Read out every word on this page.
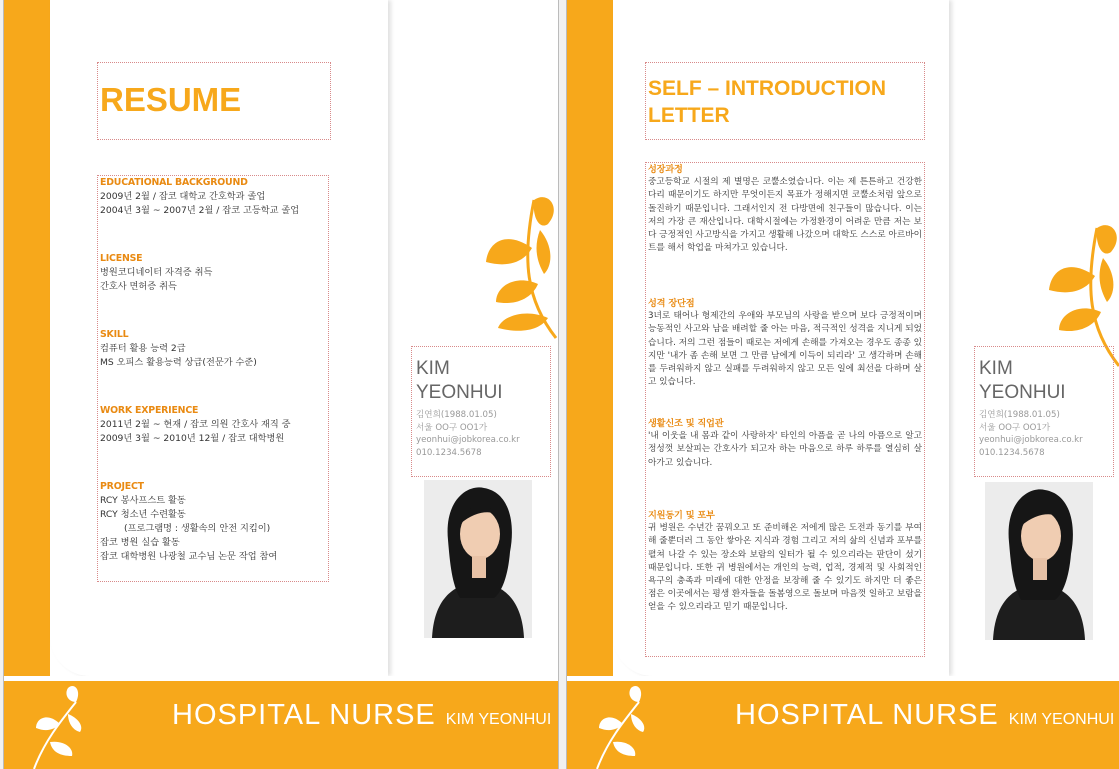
RESUME
EDUCATIONAL BACKGROUND
2009년 2월 / 잡코 대학교 간호학과 졸업
2004년 3월 ~ 2007년 2월 / 잡코 고등학교 졸업
LICENSE
병원코디네이터 자격증 취득
간호사 면허증 취득
SKILL
컴퓨터 활용 능력 2급
MS 오피스 활용능력 상급(전문가 수준)
WORK EXPERIENCE
2011년 2월 ~ 현재 / 잡코 의원 간호사 재직 중
2009년 3월 ~ 2010년 12월 / 잡코 대학병원
PROJECT
RCY 봉사프스트 활동
RCY 청소년 수련활동
(프로그램명 : 생활속의 안전 지킴이)
잡코 병원 실습 활동
잡코 대학병원 나광철 교수님 논문 작업 참여
KIM
YEONHUI
김연희(1988.01.05)
서울 OO구 OO1가
yeonhui@jobkorea.co.kr
010.1234.5678
HOSPITAL NURSE KIM YEONHUI
SELF – INTRODUCTION
LETTER
성장과정
중고등학교 시절의 제 별명은 코뿔소였습니다. 이는 제 튼튼하고 건강한 다리 때문이기도 하지만 무엇이든지 목표가 정해지면 코뿔소처럼 앞으로 돌진하기 때문입니다. 그래서인지 전 다방면에 친구들이 많습니다. 이는 저의 가장 큰 재산입니다. 대학시절에는 가정환경이 어려운 만큼 저는 보다 긍정적인 사고방식을 가지고 생활해 나갔으며 대학도 스스로 아르바이트를 해서 학업을 마쳐가고 있습니다.
성격 장단점
3녀로 태어나 형제간의 우애와 부모님의 사랑을 받으며 보다 긍정적이며 능동적인 사고와 남을 배려할 줄 아는 마음, 적극적인 성격을 지니게 되었습니다. 저의 그런 점들이 때로는 저에게 손해를 가져오는 경우도 종종 있지만 '내가 좀 손해 보면 그 만큼 남에게 이득이 되리라' 고 생각하며 손해를 두려워하지 않고 실패를 두려워하지 않고 모든 일에 최선을 다하며 살고 있습니다.
생활신조 및 직업관
'내 이웃을 내 몸과 같이 사랑하자' 타인의 아픔을 곧 나의 아픔으로 알고 정성껏 보살피는 간호사가 되고자 하는 마음으로 하루 하루를 열심히 살아가고 있습니다.
지원동기 및 포부
귀 병원은 수년간 꿈꿔오고 또 준비해온 저에게 많은 도전과 동기를 부여해 줄뿐더러 그 동안 쌓아온 지식과 경험 그리고 저의 삶의 신념과 포부를 펼쳐 나갈 수 있는 장소와 보람의 일터가 될 수 있으리라는 판단이 섰기 때문입니다. 또한 귀 병원에서는 개인의 능력, 업적, 경제적 및 사회적인 욕구의 충족과 미래에 대한 안정을 보장해 줄 수 있기도 하지만 더 좋은 점은 이곳에서는 평생 환자들을 돌봄영으로 돌보며 마음껏 일하고 보람을 얻을 수 있으리라고 믿기 때문입니다.
KIM
YEONHUI
김연희(1988.01.05)
서울 OO구 OO1가
yeonhui@jobkorea.co.kr
010.1234.5678
HOSPITAL NURSE KIM YEONHUI
